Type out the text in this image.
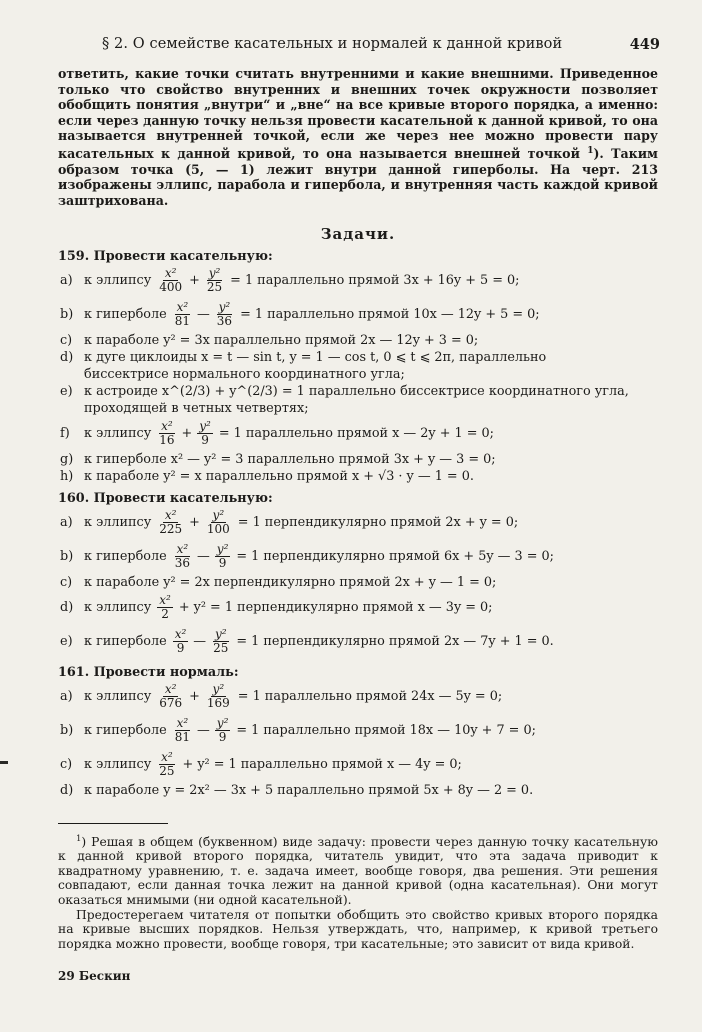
§ 2. О семействе касательных и нормалей к данной кривой	449
ответить, какие точки считать внутренними и какие внешними. Приведенное только что свойство внутренних и внешних точек окружности позволяет обобщить понятия „внутри“ и „вне“ на все кривые второго порядка, а именно: если через данную точку нельзя провести касательной к данной кривой, то она называется внутренней точкой, если же через нее можно провести пару касательных к данной кривой, то она называется внешней точкой $^1$). Таким образом точка (5, — 1) лежит внутри данной гиперболы. На черт. 213 изображены эллипс, парабола и гипербола, и внутренняя часть каждой кривой заштрихована.
Задачи.
159. Провести касательную:
a) к эллипсу $\frac{\text{x²}}{400} + \frac{\text{y²}}{25} = 1$ параллельно прямой 3x + 16y + 5 = 0;
b) к гиперболе $\frac{\text{x²}}{81}$ — $\frac{\text{y²}}{36} = 1$ параллельно прямой 10x — 12y + 5 = 0;
c) к параболе y² = 3x параллельно прямой 2x — 12y + 3 = 0;
d) к дуге циклоиды x = t — sin t, y = 1 — cos t, 0 ⩽ t ⩽ 2π, параллельно
биссектрисе нормального координатного угла;
e) к астроиде x^(2/3) + y^(2/3) = 1 параллельно биссектрисе координатного угла,
проходящей в четных четвертях;
f)	к эллипсу $\frac{\text{x²}}{16} + \frac{\text{y²}}{9} = 1$ параллельно прямой x — 2y + 1 = 0;
g) к гиперболе x² — y² = 3 параллельно прямой 3x + y — 3 = 0;
h) к параболе y² = x параллельно прямой x + √3 · y — 1 = 0.
160. Провести касательную:
a) к эллипсу $\frac{\text{x²}}{225} + \frac{\text{y²}}{100} = 1$ перпендикулярно прямой 2x + y = 0;
b) к гиперболе $\frac{\text{x²}}{36}$ — $\frac{\text{y²}}{9} = 1$ перпендикулярно прямой 6x + 5y — 3 = 0;
c) к параболе y² = 2x перпендикулярно прямой 2x + y — 1 = 0;
d) к эллипсу $\frac{\text{x²}}{2} + y^2 = 1$ перпендикулярно прямой x — 3y = 0;
e) к гиперболе $\frac{\text{x²}}{9}$ — $\frac{\text{y²}}{25} = 1$ перпендикулярно прямой 2x — 7y + 1 = 0.
161. Провести нормаль:
a) к эллипсу $\frac{\text{x²}}{676} + \frac{\text{y²}}{169} = 1$ параллельно прямой 24x — 5y = 0;
b) к гиперболе $\frac{\text{x²}}{81}$ — $\frac{\text{y²}}{9} = 1$ параллельно прямой 18x — 10y + 7 = 0;
c) к эллипсу $\frac{\text{x²}}{25} + y^2 = 1$ параллельно прямой x — 4y = 0;
d) к параболе y = 2x² — 3x + 5 параллельно прямой 5x + 8y — 2 = 0.
$^1$) Решая в общем (буквенном) виде задачу: провести через данную точку касательную к данной кривой второго порядка, читатель увидит, что эта задача приводит к квадратному уравнению, т. е. задача имеет, вообще говоря, два решения. Эти решения совпадают, если данная точка лежит на данной кривой (одна касательная). Они могут оказаться мнимыми (ни одной касательной).
Предостерегаем читателя от попытки обобщить это свойство кривых второго порядка на кривые высших порядков. Нельзя утверждать, что, например, к кривой третьего порядка можно провести, вообще говоря, три касательные; это зависит от вида кривой.
29 Бескин
